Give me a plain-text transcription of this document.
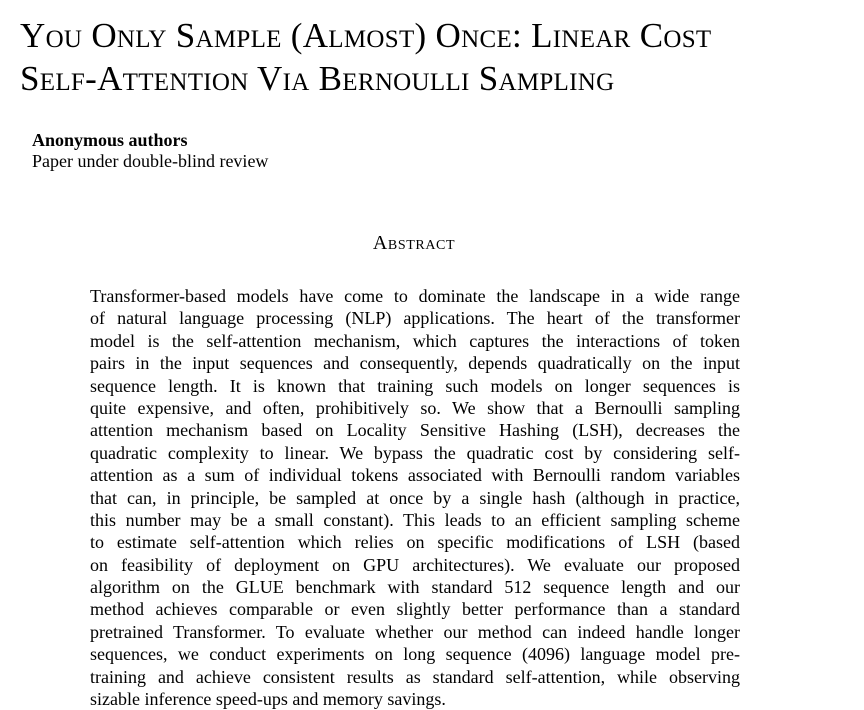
You Only Sample (Almost) Once: Linear Cost
Self-Attention Via Bernoulli Sampling
Anonymous authors
Paper under double-blind review
Abstract
Transformer-based models have come to dominate the landscape in a wide range
of natural language processing (NLP) applications. The heart of the transformer
model is the self-attention mechanism, which captures the interactions of token
pairs in the input sequences and consequently, depends quadratically on the input
sequence length. It is known that training such models on longer sequences is
quite expensive, and often, prohibitively so. We show that a Bernoulli sampling
attention mechanism based on Locality Sensitive Hashing (LSH), decreases the
quadratic complexity to linear. We bypass the quadratic cost by considering self-
attention as a sum of individual tokens associated with Bernoulli random variables
that can, in principle, be sampled at once by a single hash (although in practice,
this number may be a small constant). This leads to an efficient sampling scheme
to estimate self-attention which relies on specific modifications of LSH (based
on feasibility of deployment on GPU architectures). We evaluate our proposed
algorithm on the GLUE benchmark with standard 512 sequence length and our
method achieves comparable or even slightly better performance than a standard
pretrained Transformer. To evaluate whether our method can indeed handle longer
sequences, we conduct experiments on long sequence (4096) language model pre-
training and achieve consistent results as standard self-attention, while observing
sizable inference speed-ups and memory savings.
